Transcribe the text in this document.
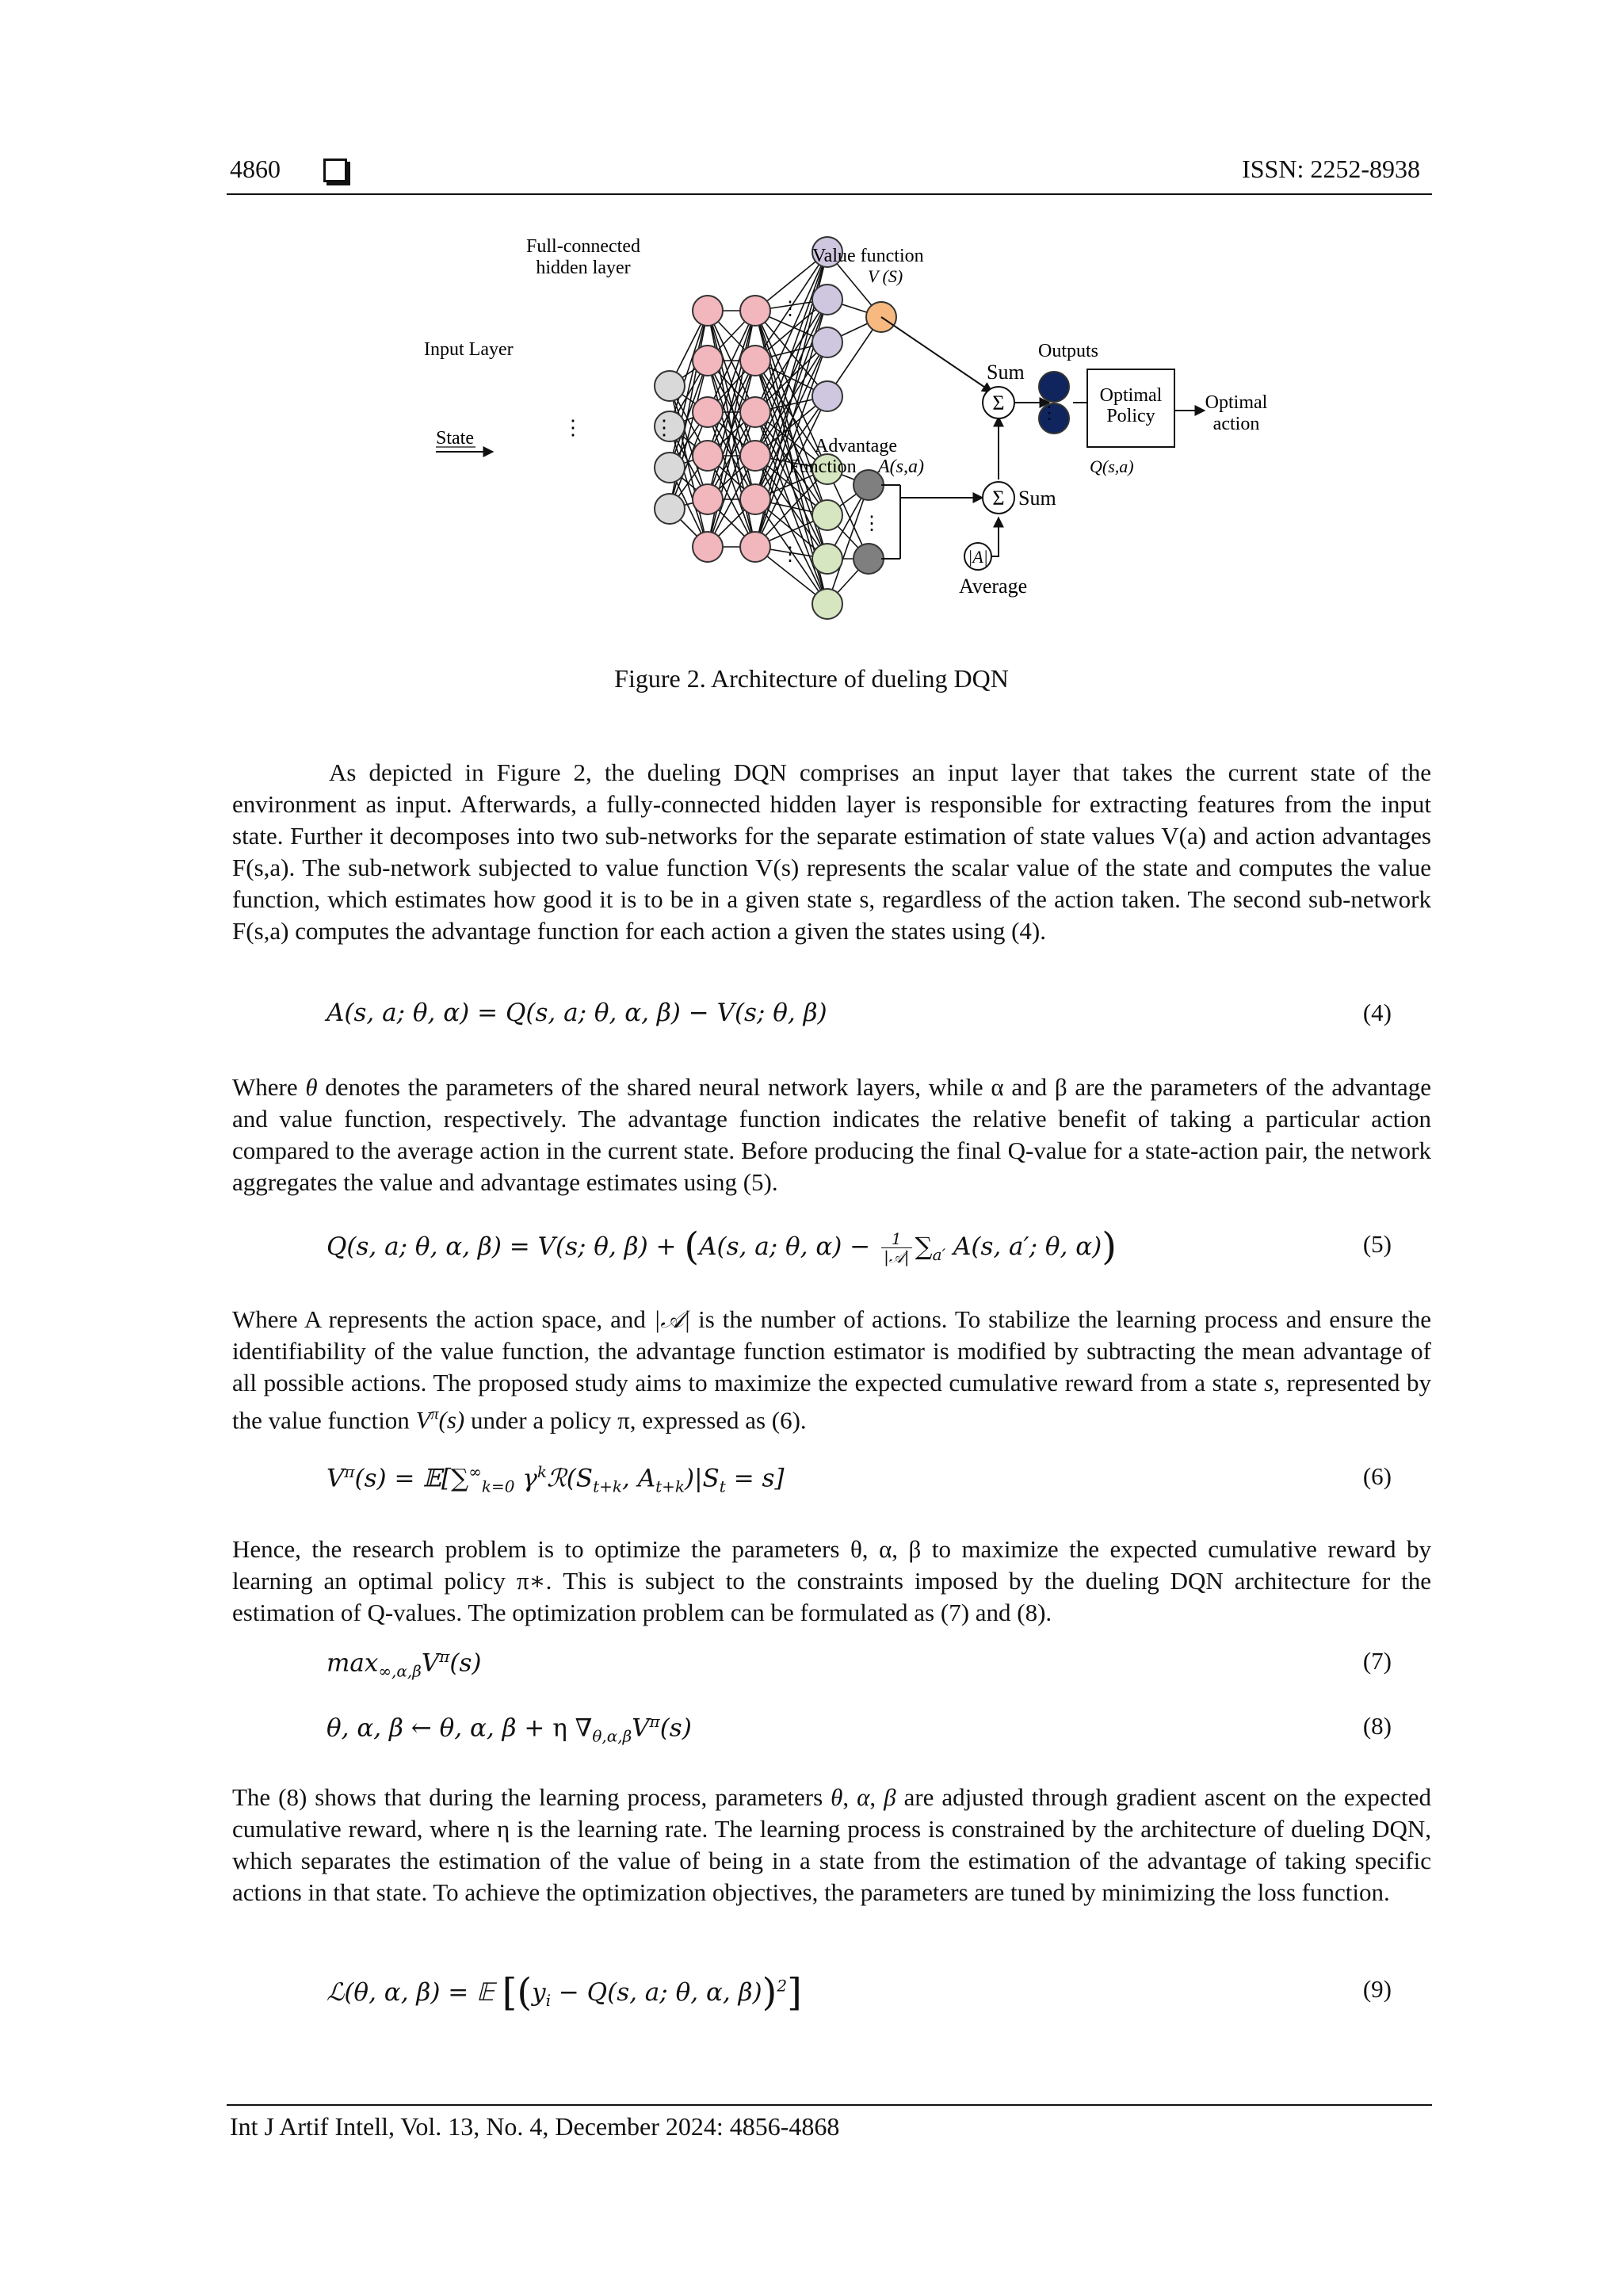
4860	ISSN: 2252-8938
Σ
Σ
|A|
Optimal
Policy
Full-connected
hidden layer
Input Layer
State
Value function
V (S)
Sum
Outputs
Optimal
action
Advantage
Function A(s,a)	Q(s,a)
Sum
Average
⋮	⋮
⋮
⋮
⋮
⋮
Figure 2. Architecture of dueling DQN

As depicted in Figure 2, the dueling DQN comprises an input layer that takes the current state of the environment as input. Afterwards, a fully-connected hidden layer is responsible for extracting features from the input state. Further it decomposes into two sub-networks for the separate estimation of state values V(a) and action advantages F(s,a). The sub-network subjected to value function V(s) represents the scalar value of the state and computes the value function, which estimates how good it is to be in a given state s, regardless of the action taken. The second sub-network F(s,a) computes the advantage function for each action a given the states using (4).

A(s, a; θ, α) = Q(s, a; θ, α, β) − V(s; θ, β)	(4)

Where θ denotes the parameters of the shared neural network layers, while α and β are the parameters of the advantage and value function, respectively. The advantage function indicates the relative benefit of taking a particular action compared to the average action in the current state. Before producing the final Q-value for a state-action pair, the network aggregates the value and advantage estimates using (5).

Q(s, a; θ, α, β) = V(s; θ, β) + (A(s, a; θ, $\alpha) - \frac{1}{\text{|𝒜|}} \sum_{a'}$ A(s, a′; θ, α))	(5)

Where A represents the action space, and |𝒜| is the number of actions. To stabilize the learning process and ensure the identifiability of the value function, the advantage function estimator is modified by subtracting the mean advantage of all possible actions. The proposed study aims to maximize the expected cumulative reward from a state s, represented by the value function $V^\pi(s)$ under a policy π, expressed as (6).

$V^\pi(s)$ = $𝔼[\sum^\infty_{k=0}$ $\gamma^kℛ(S_{t+k}$, $A_{t+k})|S_t = s$]	(6)

Hence, the research problem is to optimize the parameters θ, α, β to maximize the expected cumulative reward by learning an optimal policy π∗. This is subject to the constraints imposed by the dueling DQN architecture for the estimation of Q-values. The optimization problem can be formulated as (7) and (8).

$\max_{\infty,\alpha,\beta}V^\pi(s)$	(7)
θ, α, β ← θ, α, β + η $\nabla_{\theta,\alpha,\beta}V^\pi(s)$	(8)

The (8) shows that during the learning process, parameters θ, α, β are adjusted through gradient ascent on the expected cumulative reward, where η is the learning rate. The learning process is constrained by the architecture of dueling DQN, which separates the estimation of the value of being in a state from the estimation of the advantage of taking specific actions in that state. To achieve the optimization objectives, the parameters are tuned by minimizing the loss function.

ℒ(θ, α, β) = 𝔼 [($y_i - Q(s$, a; θ, α, β))$^2$]	(9)
Int J Artif Intell, Vol. 13, No. 4, December 2024: 4856-4868
